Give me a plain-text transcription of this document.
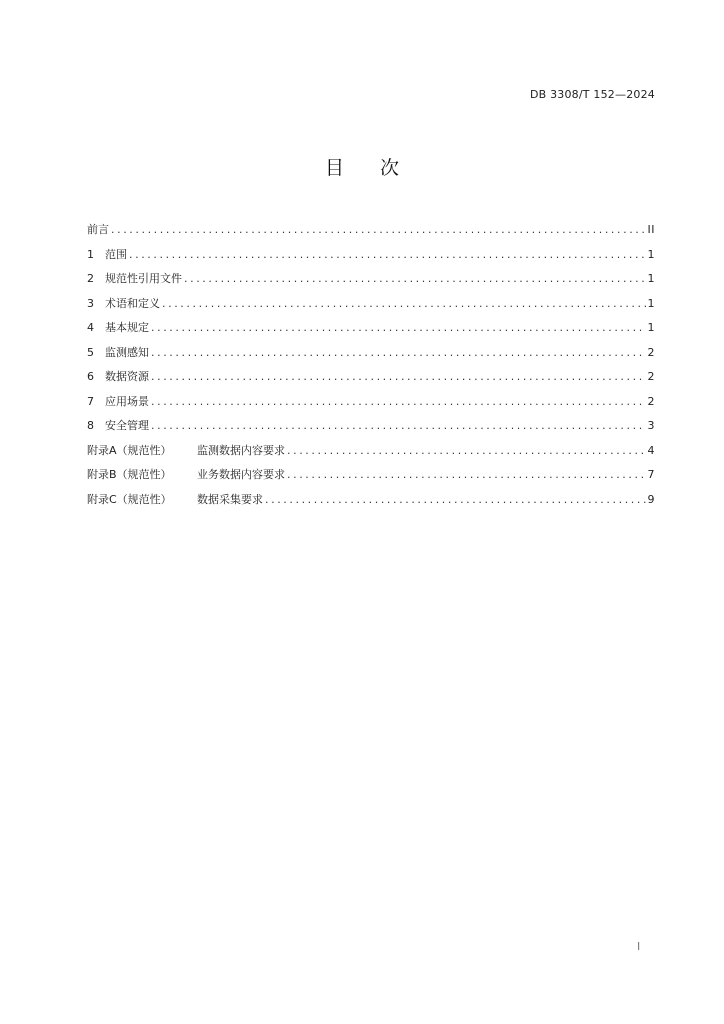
DB 3308/T 152—2024
目 次
前言 .....	II
1	范围 .....	1
2	规范性引用文件 .....	1
3	术语和定义 .....	1
4	基本规定 .....	1
5	监测感知 .....	2
6	数据资源 .....	2
7	应用场景 .....	2
8	安全管理 .....	3
附录A（规范性）	监测数据内容要求 .....	4
附录B（规范性）	业务数据内容要求 .....	7
附录C（规范性）	数据采集要求 .....	9
I
